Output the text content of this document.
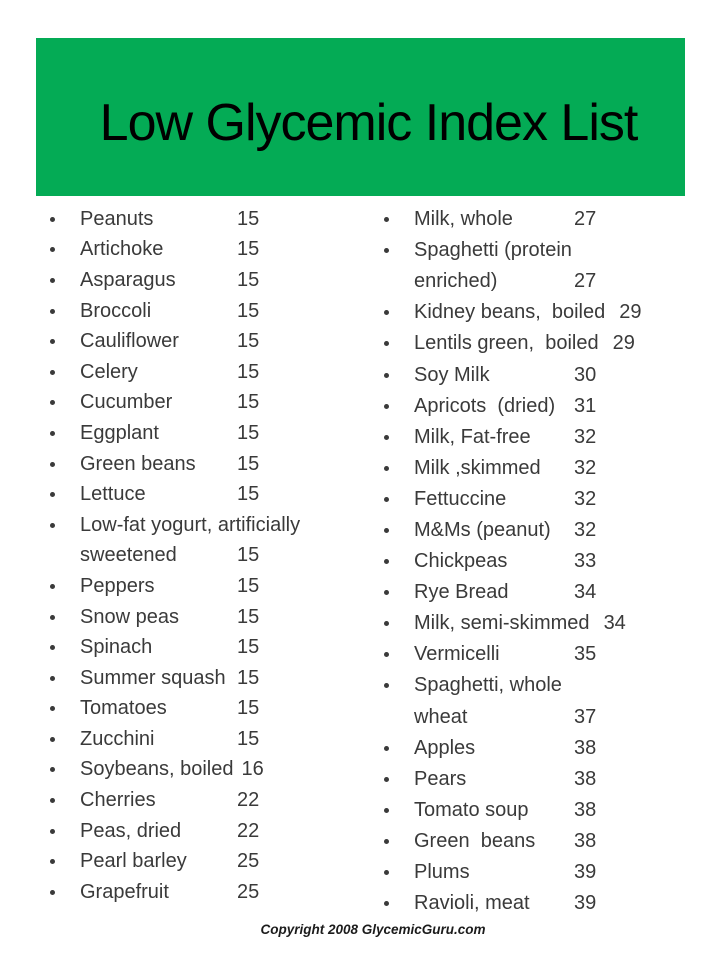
Low Glycemic Index List
Peanuts	15
Artichoke	15
Asparagus	15
Broccoli	15
Cauliflower	15
Celery	15
Cucumber	15
Eggplant	15
Green beans	15
Lettuce	15
Low-fat yogurt, artificially
sweetened	15
Peppers	15
Snow peas	15
Spinach	15
Summer squash 15
Tomatoes	15
Zucchini	15
Soybeans, boiled 16
Cherries	22
Peas, dried	22
Pearl barley	25
Grapefruit	25
Milk, whole	27
Spaghetti (protein
enriched)	27
Kidney beans,  boiled 29
Lentils green,  boiled 29
Soy Milk	30
Apricots  (dried) 31
Milk, Fat-free	32
Milk ,skimmed	32
Fettuccine	32
M&Ms (peanut)	32
Chickpeas	33
Rye Bread	34
Milk, semi-skimmed 34
Vermicelli	35
Spaghetti, whole
wheat	37
Apples	38
Pears	38
Tomato soup	38
Green  beans	38
Plums	39
Ravioli, meat	39
Copyright 2008 GlycemicGuru.com
